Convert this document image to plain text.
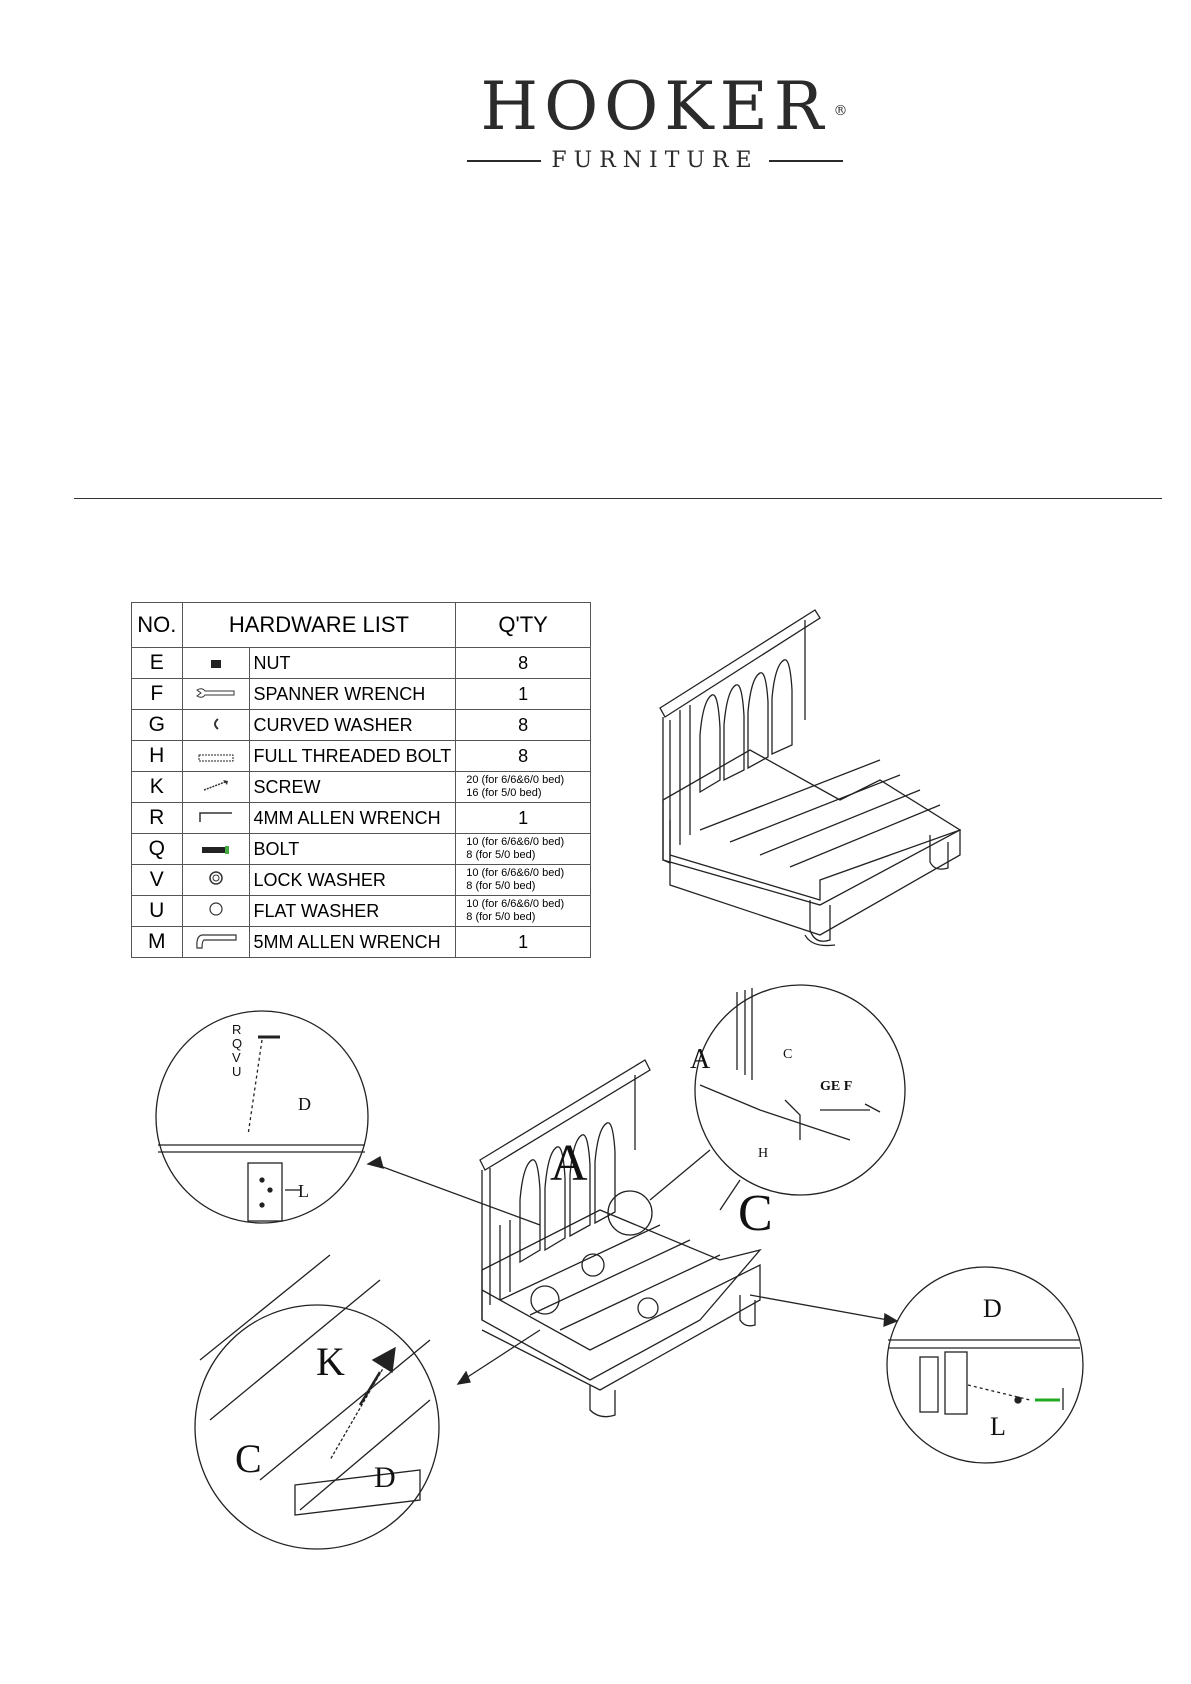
HOOKER ®
FURNITURE
NO.	HARDWARE LIST		Q'TY
E		NUT	8
F		SPANNER WRENCH	1
G		CURVED WASHER	8
H		FULL THREADED BOLT	8
K		SCREW	20 (for 6/6&6/0 bed)
16 (for 5/0 bed)

R		4MM ALLEN WRENCH	1
Q		BOLT	10 (for 6/6&6/0 bed)
8 (for 5/0 bed)

V		LOCK WASHER	10 (for 6/6&6/0 bed)
8 (for 5/0 bed)

U		FLAT WASHER	10 (for 6/6&6/0 bed)
8 (for 5/0 bed)

M		5MM ALLEN WRENCH	1
A
C
A	C
GE F
H
D
L
C	D
K
D
L
R
Q
V
U
